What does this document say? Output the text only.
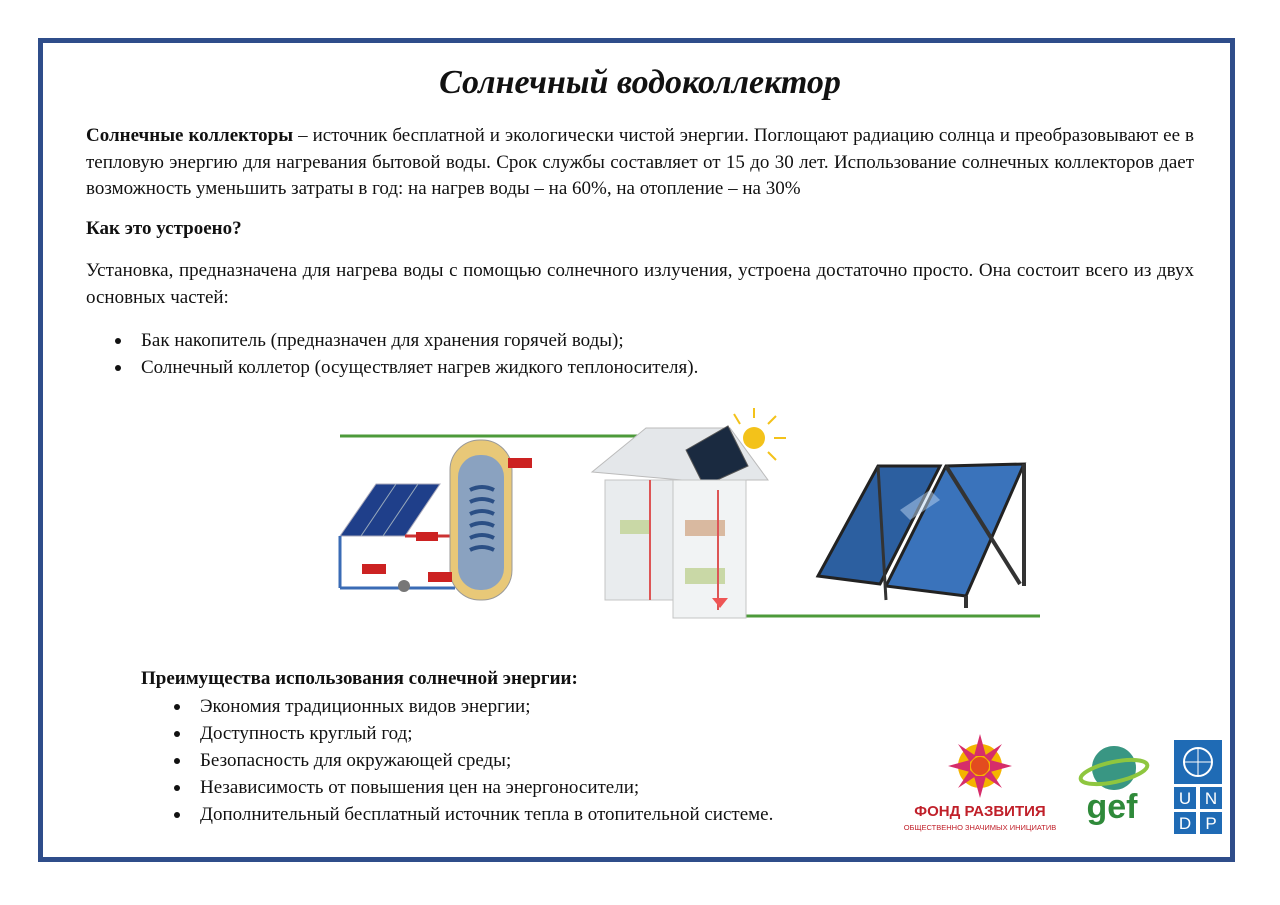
Солнечный водоколлектор

Солнечные коллекторы – источник бесплатной и экологически чистой энергии. Поглощают радиацию солнца и преобразовывают ее в тепловую энергию для нагревания бытовой воды. Срок службы составляет от 15 до 30 лет. Использование солнечных коллекторов дает возможность уменьшить затраты в год: на нагрев воды – на 60%, на отопление – на 30%

Как это устроено?

Установка, предназначена для нагрева воды с помощью солнечного излучения, устроена достаточно просто. Она состоит всего из двух основных частей:

Бак накопитель (предназначен для хранения горячей воды);
Солнечный коллетор (осуществляет нагрев жидкого теплоносителя).

Преимущества использования солнечной энергии:

Экономия традиционных видов энергии;
Доступность круглый год;
Безопасность для окружающей среды;
Независимость от повышения цен на энергоносители;
Дополнительный бесплатный источник тепла в отопительной системе.	ФОНД РАЗВИТИЯ
ОБЩЕСТВЕННО ЗНАЧИМЫХ ИНИЦИАТИВ
gef U N
D P
